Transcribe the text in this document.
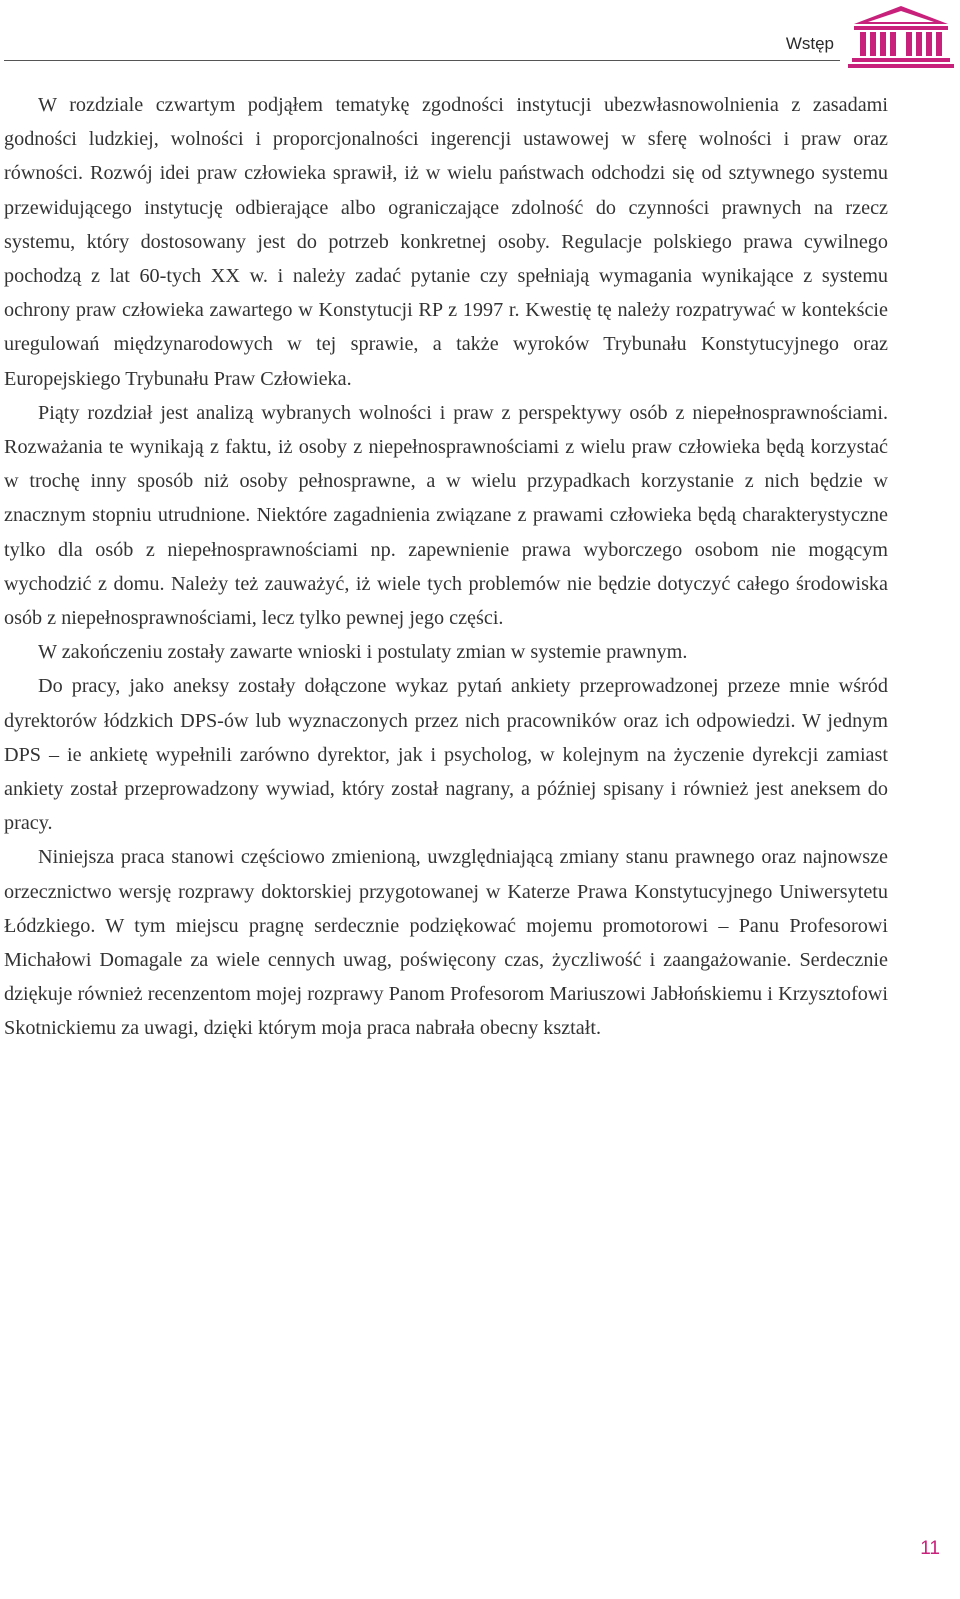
Wstęp

W rozdziale czwartym podjąłem tematykę zgodności instytucji ubezwłasnowolnienia z zasadami godności ludzkiej, wolności i proporcjonalności ingerencji ustawowej w sferę wolności i praw oraz równości. Rozwój idei praw człowieka sprawił, iż w wielu państwach odchodzi się od sztywnego systemu przewidującego instytucję odbierające albo ograniczające zdolność do czynności prawnych na rzecz systemu, który dostosowany jest do potrzeb konkretnej osoby. Regulacje polskiego prawa cywilnego pochodzą z lat 60-tych XX w. i należy zadać pytanie czy spełniają wymagania wynikające z systemu ochrony praw człowieka zawartego w Konstytucji RP z 1997 r. Kwestię tę należy rozpatrywać w kontekście uregulowań międzynarodowych w tej sprawie, a także wyroków Trybunału Konstytucyjnego oraz Europejskiego Trybunału Praw Człowieka.

Piąty rozdział jest analizą wybranych wolności i praw z perspektywy osób z niepełnosprawnościami. Rozważania te wynikają z faktu, iż osoby z niepełnosprawnościami z wielu praw człowieka będą korzystać w trochę inny sposób niż osoby pełnosprawne, a w wielu przypadkach korzystanie z nich będzie w znacznym stopniu utrudnione. Niektóre zagadnienia związane z prawami człowieka będą charakterystyczne tylko dla osób z niepełnosprawnościami np. zapewnienie prawa wyborczego osobom nie mogącym wychodzić z domu. Należy też zauważyć, iż wiele tych problemów nie będzie dotyczyć całego środowiska osób z niepełnosprawnościami, lecz tylko pewnej jego części.

W zakończeniu zostały zawarte wnioski i postulaty zmian w systemie prawnym.

Do pracy, jako aneksy zostały dołączone wykaz pytań ankiety przeprowadzonej przeze mnie wśród dyrektorów łódzkich DPS-ów lub wyznaczonych przez nich pracowników oraz ich odpowiedzi. W jednym DPS – ie ankietę wypełnili zarówno dyrektor, jak i psycholog, w kolejnym na życzenie dyrekcji zamiast ankiety został przeprowadzony wywiad, który został nagrany, a później spisany i również jest aneksem do pracy.

Niniejsza praca stanowi częściowo zmienioną, uwzględniającą zmiany stanu prawnego oraz najnowsze orzecznictwo wersję rozprawy doktorskiej przygotowanej w Katerze Prawa Konstytucyjnego Uniwersytetu Łódzkiego. W tym miejscu pragnę serdecznie podziękować mojemu promotorowi – Panu Profesorowi Michałowi Domagale za wiele cennych uwag, poświęcony czas, życzliwość i zaangażowanie. Serdecznie dziękuje również recenzentom mojej rozprawy Panom Profesorom Mariuszowi Jabłońskiemu i Krzysztofowi Skotnickiemu za uwagi, dzięki którym moja praca nabrała obecny kształt.

11
